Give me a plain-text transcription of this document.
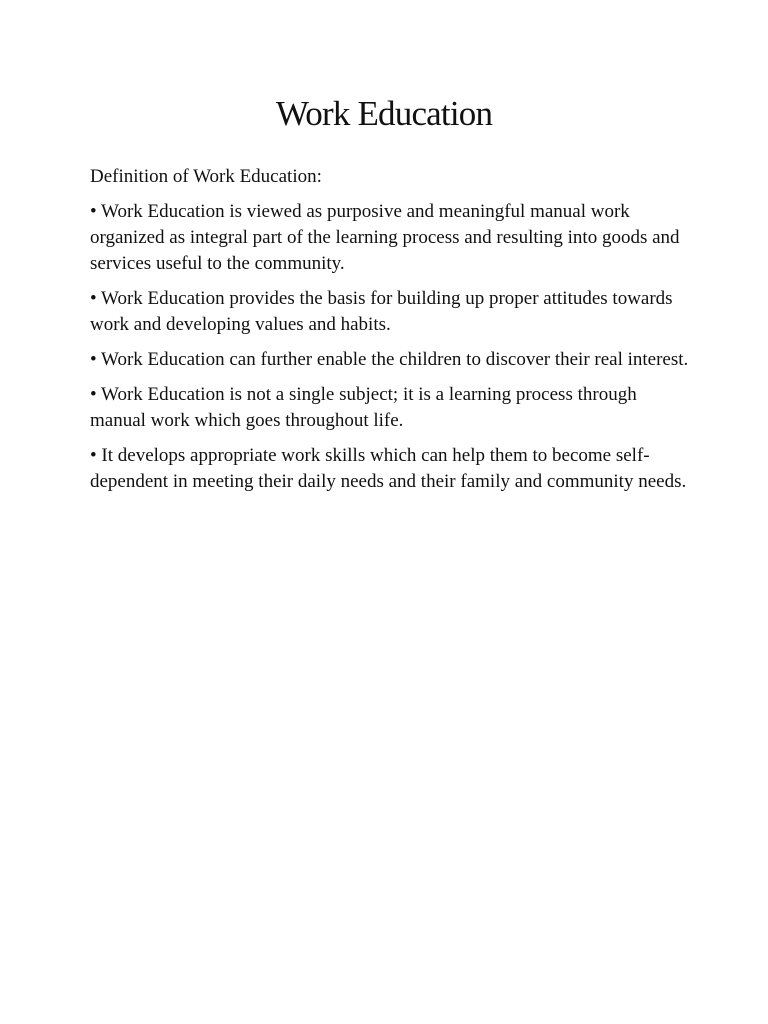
Work Education

Definition of Work Education:

• Work Education is viewed as purposive and meaningful manual work organized as integral part of the learning process and resulting into goods and services useful to the community.

• Work Education provides the basis for building up proper attitudes towards work and developing values and habits.

• Work Education can further enable the children to discover their real interest.

• Work Education is not a single subject; it is a learning process through manual work which goes throughout life.

• It develops appropriate work skills which can help them to become self-dependent in meeting their daily needs and their family and community needs.
